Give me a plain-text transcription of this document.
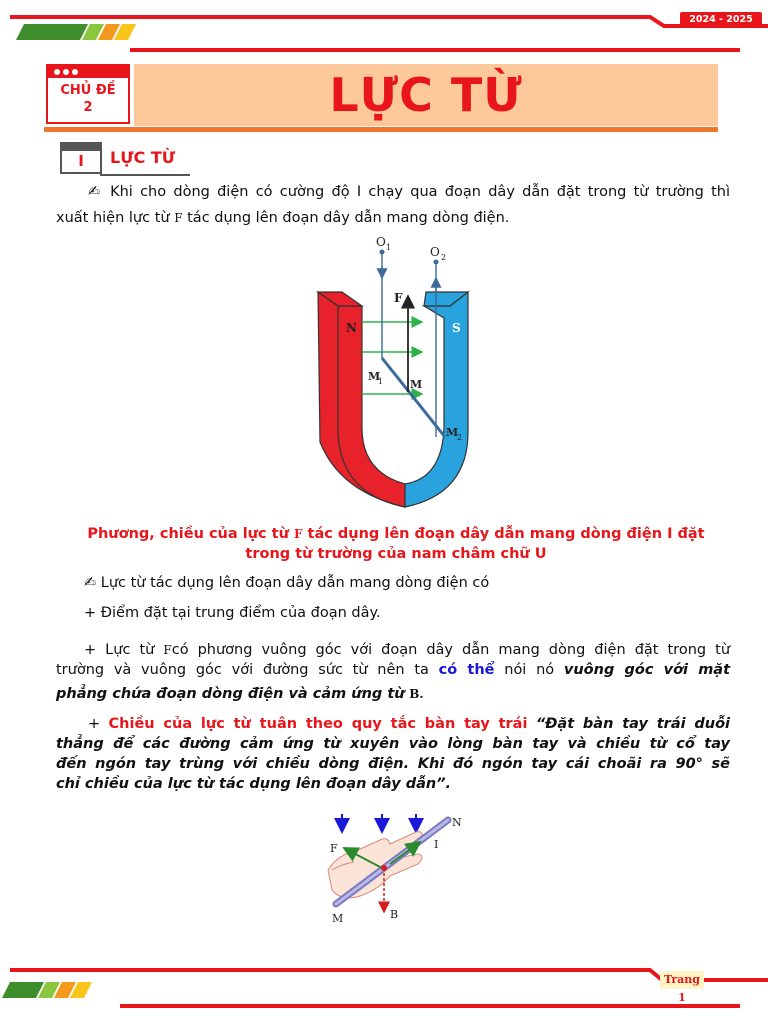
2024 - 2025
CHỦ ĐỀ
2	LỰC TỪ
I	LỰC TỪ
✍ Khi cho dòng điện có cường độ I chạy qua đoạn dây dẫn đặt trong từ trường thì
xuất hiện lực từ F tác dụng lên đoạn dây dẫn mang dòng điện.
O 1	O 2
F
N	S
M
1 M
M
2
Phương, chiều của lực từ F tác dụng lên đoạn dây dẫn mang dòng điện I đặt
trong từ trường của nam châm chữ U
✍ Lực từ tác dụng lên đoạn dây dẫn mang dòng điện có
+ Điểm đặt tại trung điểm của đoạn dây.
+ Lực từ Fcó phương vuông góc với đoạn dây dẫn mang dòng điện đặt trong từ
trường và vuông góc với đường sức từ nên ta có thể nói nó vuông góc với mặt
phẳng chứa đoạn dòng điện và cảm ứng từ B.
+ Chiều của lực từ tuân theo quy tắc bàn tay trái “Đặt bàn tay trái duỗi
thẳng để các đường cảm ứng từ xuyên vào lòng bàn tay và chiều từ cổ tay
đến ngón tay trùng với chiều dòng điện. Khi đó ngón tay cái choãi ra 90° sẽ
chỉ chiều của lực từ tác dụng lên đoạn dây dẫn”.
N
I
F
M	B
Trang 1
